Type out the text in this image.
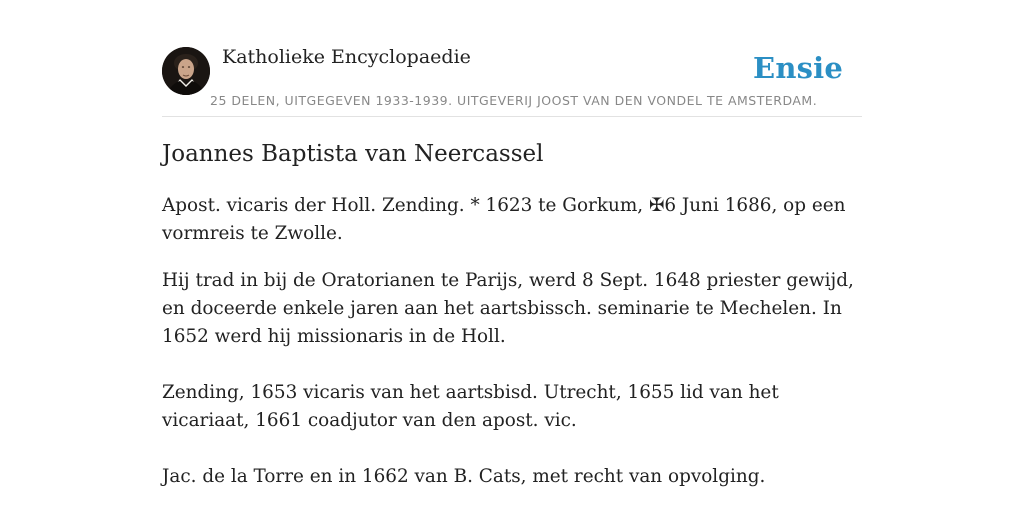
Katholieke Encyclopaedie	Ensie
25 DELEN, UITGEGEVEN 1933-1939. UITGEVERIJ JOOST VAN DEN VONDEL TE AMSTERDAM.
Joannes Baptista van Neercassel

Apost. vicaris der Holl. Zending. * 1623 te Gorkum, ✠6 Juni 1686, op een vormreis te Zwolle.

Hij trad in bij de Oratorianen te Parijs, werd 8 Sept. 1648 priester gewijd, en doceerde enkele jaren aan het aartsbissch. seminarie te Mechelen. In 1652 werd hij missionaris in de Holl.

Zending, 1653 vicaris van het aartsbisd. Utrecht, 1655 lid van het vicariaat, 1661 coadjutor van den apost. vic.

Jac. de la Torre en in 1662 van B. Cats, met recht van opvolging.
